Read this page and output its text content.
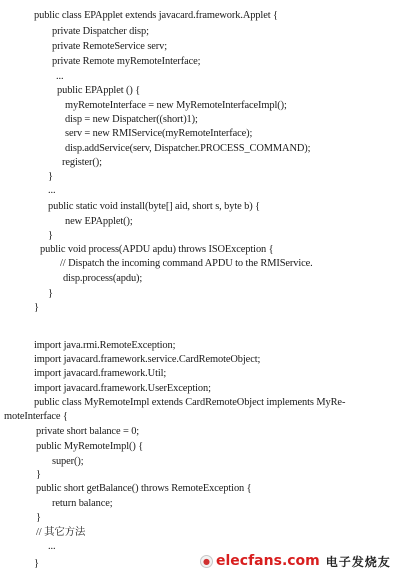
public class EPApplet extends javacard.framework.Applet {
private Dispatcher disp;
private RemoteService serv;
private Remote myRemoteInterface;
...
public EPApplet () {
myRemoteInterface = new MyRemoteInterfaceImpl();
disp = new Dispatcher((short)1);
serv = new RMIService(myRemoteInterface);
disp.addService(serv, Dispatcher.PROCESS_COMMAND);
register();
}
...
public static void install(byte[] aid, short s, byte b) {
new EPApplet();
}
public void process(APDU apdu) throws ISOException {
// Dispatch the incoming command APDU to the RMIService.
disp.process(apdu);
}
}
import java.rmi.RemoteException;
import javacard.framework.service.CardRemoteObject;
import javacard.framework.Util;
import javacard.framework.UserException;
public class MyRemoteImpl extends CardRemoteObject implements MyRe-
moteInterface {
private short balance = 0;
public MyRemoteImpl() {
super();
}
public short getBalance() throws RemoteException {
return balance;
}
// 其它方法
...
}	● elecfans.com 电子发烧友
